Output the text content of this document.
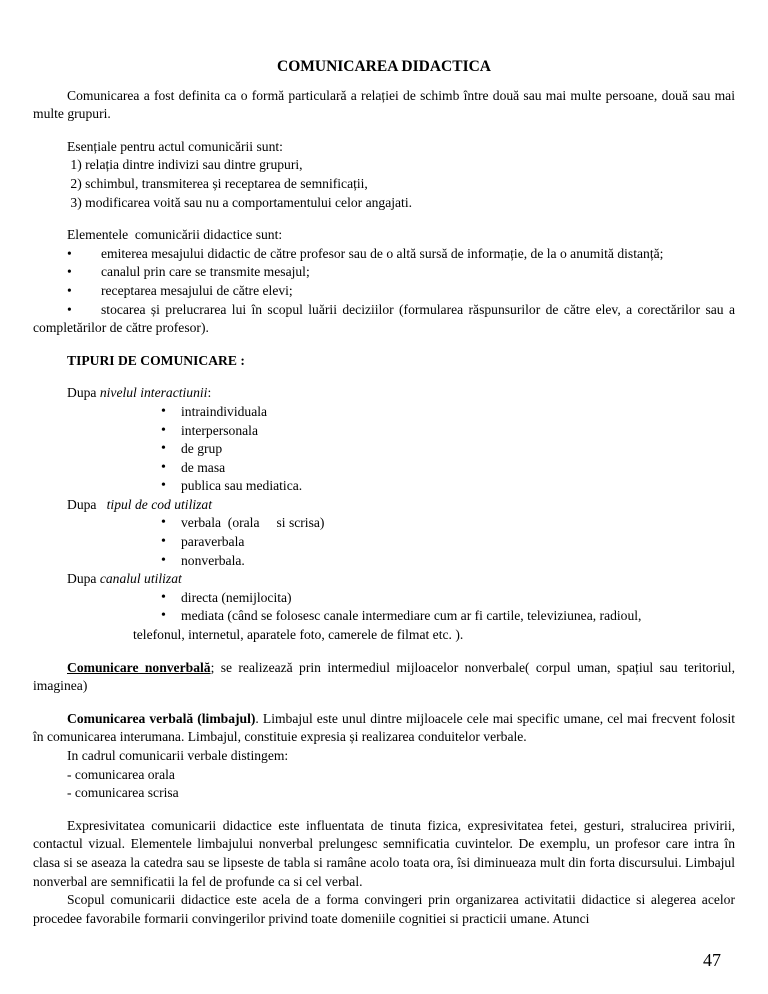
COMUNICAREA DIDACTICA

Comunicarea a fost definita ca o formă particulară a relației de schimb între două sau mai multe persoane, două sau mai multe grupuri.

Esențiale pentru actul comunicării sunt:
1) relația dintre indivizi sau dintre grupuri,
2) schimbul, transmiterea și receptarea de semnificații,
3) modificarea voită sau nu a comportamentului celor angajati.
Elementele  comunicării didactice sunt:
•	emiterea mesajului didactic de către profesor sau de o altă sursă de informație, de la o anumită distanță;
•	canalul prin care se transmite mesajul;
•	receptarea mesajului de către elevi;
• stocarea și prelucrarea lui în scopul luării deciziilor (formularea răspunsurilor de către elev, a corectărilor sau a completărilor de către profesor).
TIPURI DE COMUNICARE :
Dupa nivelul interactiunii:
•	intraindividuala
•	interpersonala
•	de grup
•	de masa
•	publica sau mediatica.
Dupa   tipul de cod utilizat
•	verbala  (orala     si scrisa)
•	paraverbala
•	nonverbala.
Dupa canalul utilizat
•	directa (nemijlocita)
•	mediata (când se folosesc canale intermediare cum ar fi cartile, televiziunea, radioul,
telefonul, internetul, aparatele foto, camerele de filmat etc. ).

Comunicare nonverbală; se realizează prin intermediul mijloacelor nonverbale( corpul uman, spațiul sau teritoriul, imaginea)

Comunicarea verbală (limbajul). Limbajul este unul dintre mijloacele cele mai specific umane, cel mai frecvent folosit în comunicarea interumana. Limbajul, constituie expresia și realizarea conduitelor verbale.

In cadrul comunicarii verbale distingem:
- comunicarea orala
- comunicarea scrisa

Expresivitatea comunicarii didactice este influentata de tinuta fizica, expresivitatea fetei, gesturi, stralucirea privirii, contactul vizual. Elementele limbajului nonverbal prelungesc semnificatia cuvintelor. De exemplu, un profesor care intra în clasa si se aseaza la catedra sau se lipseste de tabla si ramâne acolo toata ora, îsi diminueaza mult din forta discursului. Limbajul nonverbal are semnificatii la fel de profunde ca si cel verbal.

Scopul comunicarii didactice este acela de a forma convingeri prin organizarea activitatii didactice si alegerea acelor procedee favorabile formarii convingerilor privind toate domeniile cognitiei si practicii umane. Atunci

47
